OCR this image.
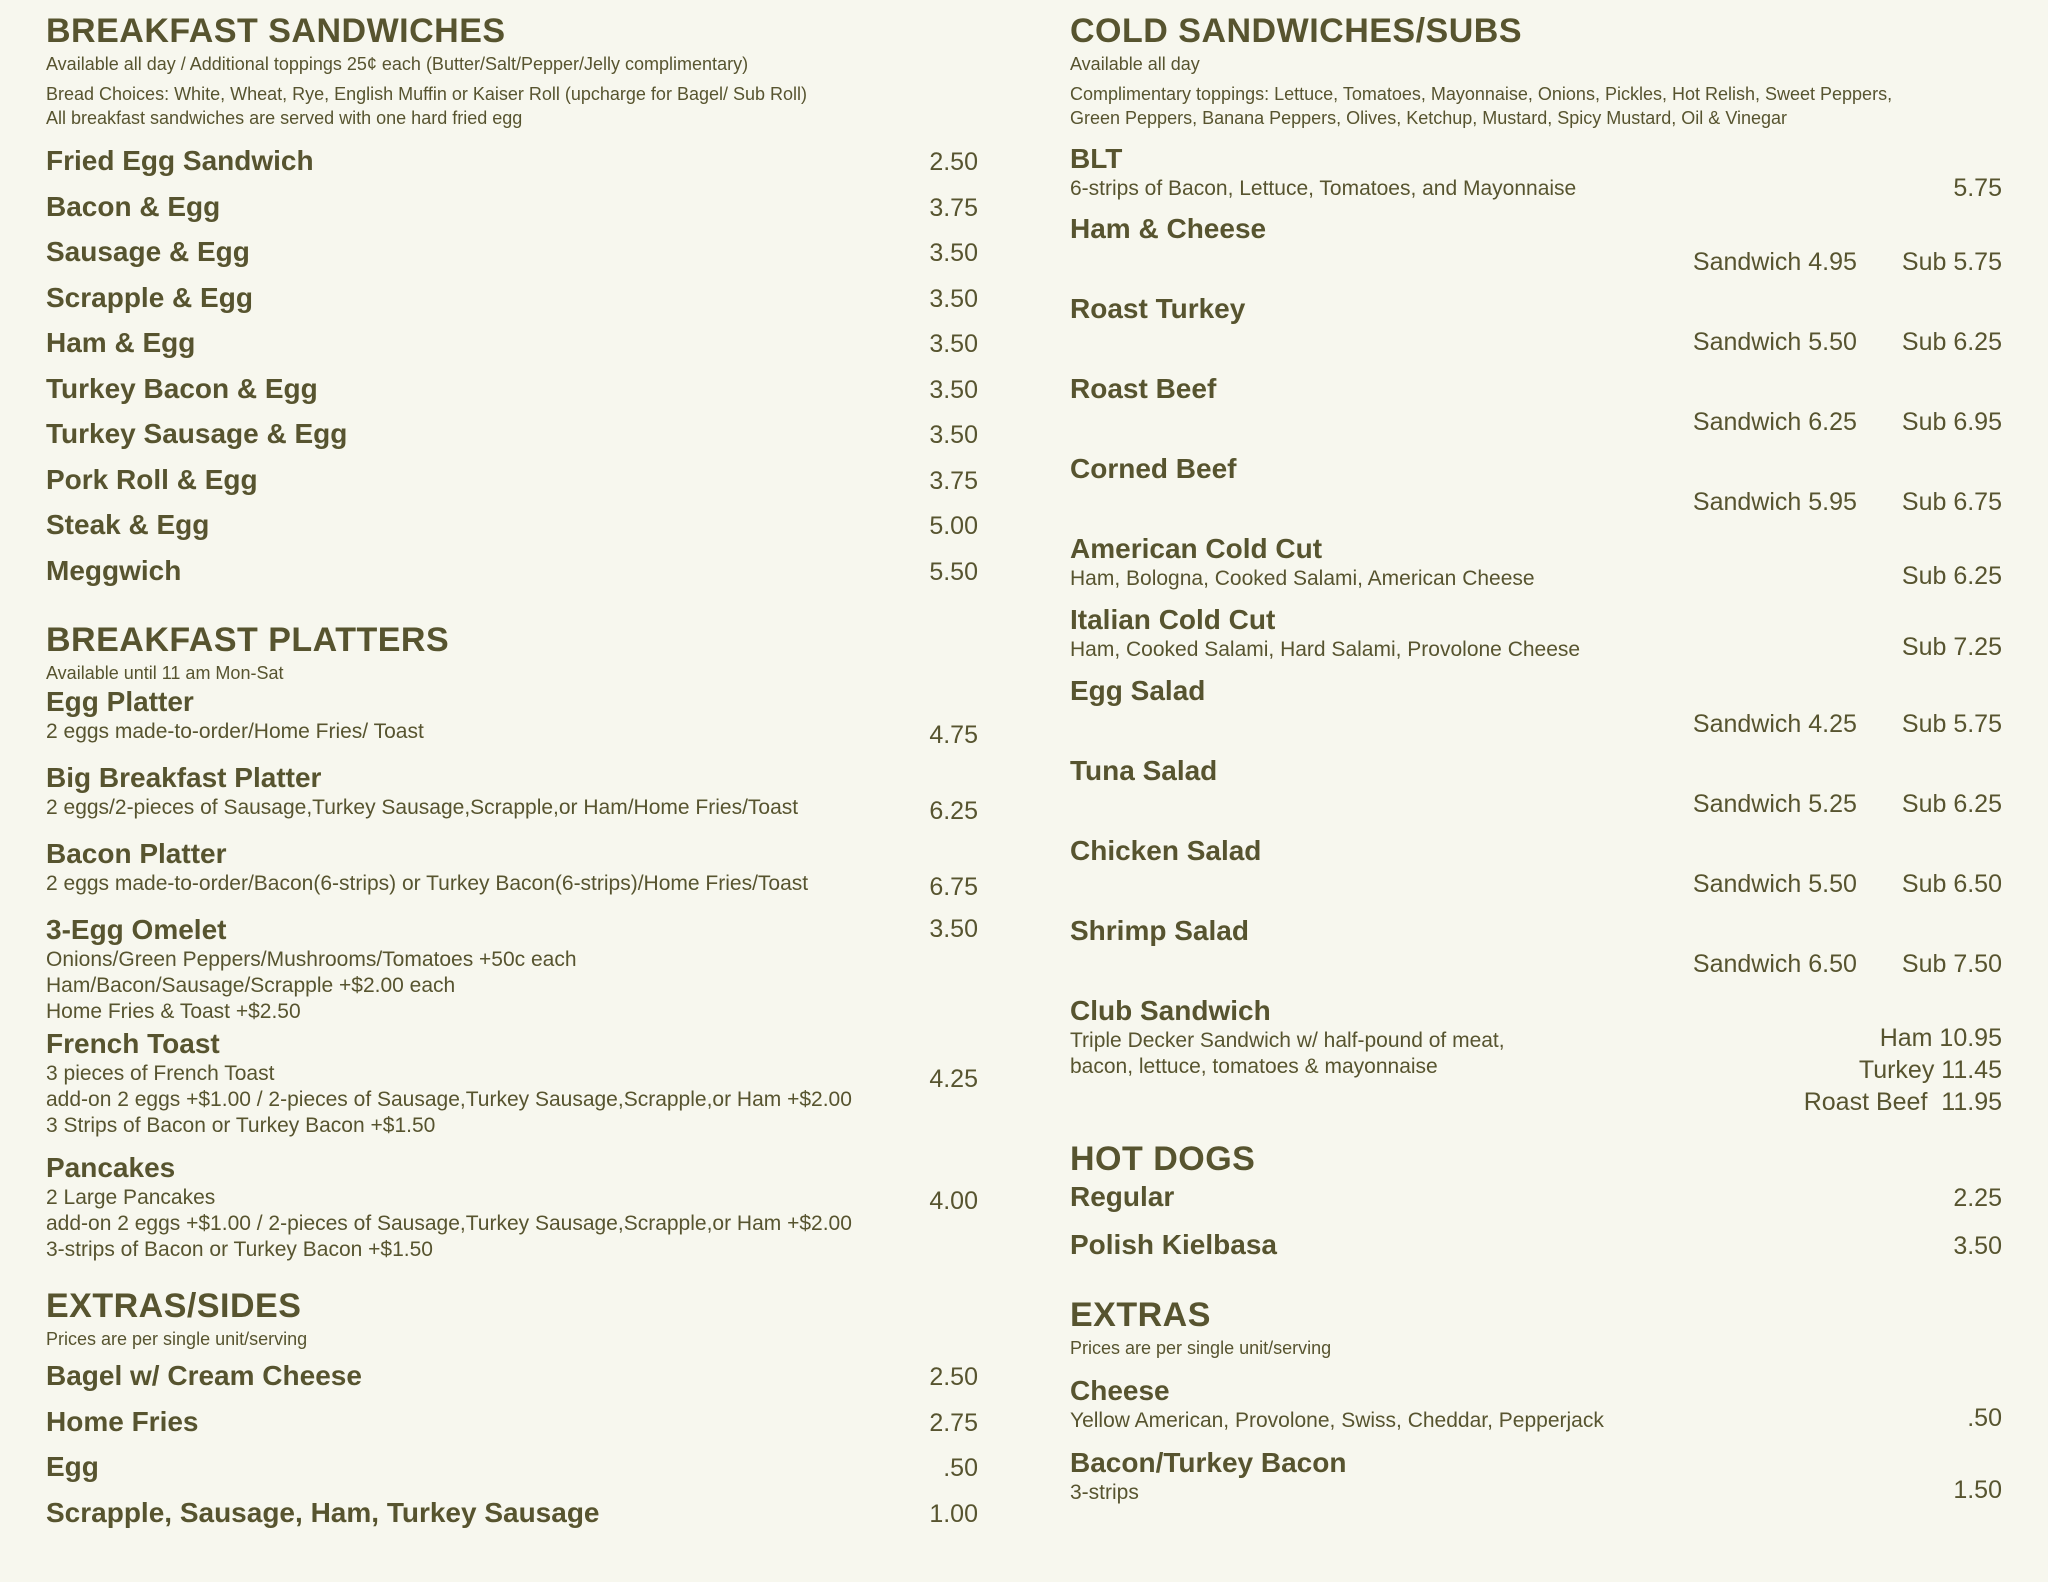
BREAKFAST SANDWICHES

Available all day / Additional toppings 25¢ each (Butter/Salt/Pepper/Jelly complimentary)

Bread Choices: White, Wheat, Rye, English Muffin or Kaiser Roll (upcharge for Bagel/ Sub Roll)

All breakfast sandwiches are served with one hard fried egg

Fried Egg Sandwich	2.50
Bacon & Egg	3.75
Sausage & Egg	3.50
Scrapple & Egg	3.50
Ham & Egg	3.50
Turkey Bacon & Egg	3.50
Turkey Sausage & Egg	3.50
Pork Roll & Egg	3.75
Steak & Egg	5.00
Meggwich	5.50
BREAKFAST PLATTERS

Available until 11 am Mon-Sat

Egg Platter
2 eggs made-to-order/Home Fries/ Toast	4.75
Big Breakfast Platter
2 eggs/2-pieces of Sausage,Turkey Sausage,Scrapple,or Ham/Home Fries/Toast	6.25
Bacon Platter
2 eggs made-to-order/Bacon(6-strips) or Turkey Bacon(6-strips)/Home Fries/Toast	6.75
3-Egg Omelet
Onions/Green Peppers/Mushrooms/Tomatoes +50c each
Ham/Bacon/Sausage/Scrapple +$2.00 each
Home Fries & Toast +$2.50
3.50
French Toast
3 pieces of French Toast
add-on 2 eggs +$1.00 / 2-pieces of Sausage,Turkey Sausage,Scrapple,or Ham +$2.00
3 Strips of Bacon or Turkey Bacon +$1.50
4.25
Pancakes
2 Large Pancakes
add-on 2 eggs +$1.00 / 2-pieces of Sausage,Turkey Sausage,Scrapple,or Ham +$2.00
3-strips of Bacon or Turkey Bacon +$1.50
4.00
EXTRAS/SIDES

Prices are per single unit/serving

Bagel w/ Cream Cheese	2.50
Home Fries	2.75
Egg	.50
Scrapple, Sausage, Ham, Turkey Sausage	1.00
COLD SANDWICHES/SUBS

Available all day

Complimentary toppings: Lettuce, Tomatoes, Mayonnaise, Onions, Pickles, Hot Relish, Sweet Peppers,

Green Peppers, Banana Peppers, Olives, Ketchup, Mustard, Spicy Mustard, Oil & Vinegar

BLT
6-strips of Bacon, Lettuce, Tomatoes, and Mayonnaise	5.75
Ham & Cheese
Sandwich 4.95 Sub 5.75
Roast Turkey
Sandwich 5.50 Sub 6.25
Roast Beef
Sandwich 6.25 Sub 6.95
Corned Beef
Sandwich 5.95 Sub 6.75
American Cold Cut
Ham, Bologna, Cooked Salami, American Cheese	Sub 6.25
Italian Cold Cut
Ham, Cooked Salami, Hard Salami, Provolone Cheese	Sub 7.25
Egg Salad
Sandwich 4.25 Sub 5.75
Tuna Salad
Sandwich 5.25 Sub 6.25
Chicken Salad
Sandwich 5.50 Sub 6.50
Shrimp Salad
Sandwich 6.50 Sub 7.50
Club Sandwich
Triple Decker Sandwich w/ half-pound of meat,
bacon, lettuce, tomatoes & mayonnaise
Ham 10.95
Turkey 11.45
Roast Beef  11.95
HOT DOGS
Regular	2.25
Polish Kielbasa	3.50
EXTRAS

Prices are per single unit/serving

Cheese
Yellow American, Provolone, Swiss, Cheddar, Pepperjack	.50
Bacon/Turkey Bacon
3-strips	1.50
